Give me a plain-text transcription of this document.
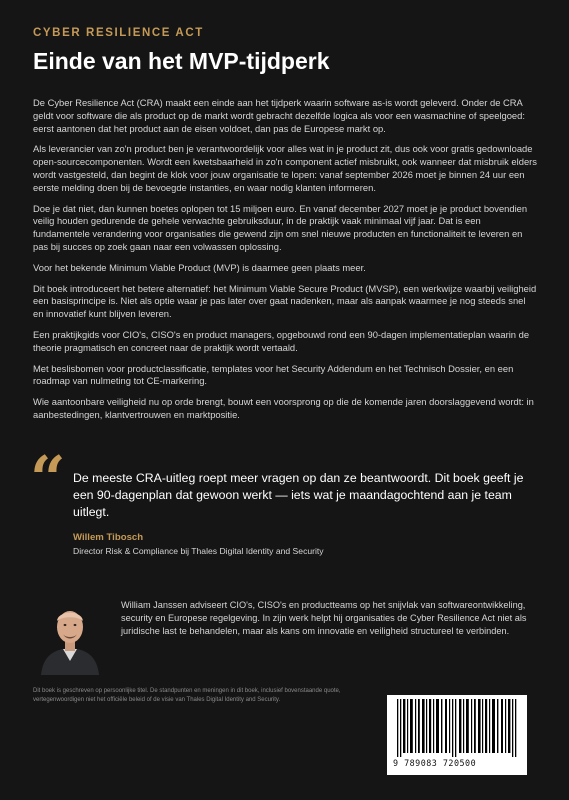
CYBER RESILIENCE ACT
Einde van het MVP-tijdperk

De Cyber Resilience Act (CRA) maakt een einde aan het tijdperk waarin software as-is wordt geleverd. Onder de CRA geldt voor software die als product op de markt wordt gebracht dezelfde logica als voor een wasmachine of speelgoed: eerst aantonen dat het product aan de eisen voldoet, dan pas de Europese markt op.

Als leverancier van zo'n product ben je verantwoordelijk voor alles wat in je product zit, dus ook voor gratis gedownloade open-sourcecomponenten. Wordt een kwetsbaarheid in zo'n component actief misbruikt, ook wanneer dat misbruik elders wordt vastgesteld, dan begint de klok voor jouw organisatie te lopen: vanaf september 2026 moet je binnen 24 uur een eerste melding doen bij de bevoegde instanties, en waar nodig klanten informeren.

Doe je dat niet, dan kunnen boetes oplopen tot 15 miljoen euro. En vanaf december 2027 moet je je product bovendien veilig houden gedurende de gehele verwachte gebruiksduur, in de praktijk vaak minimaal vijf jaar. Dat is een fundamentele verandering voor organisaties die gewend zijn om snel nieuwe producten en functionaliteit te leveren en pas bij succes op zoek gaan naar een volwassen oplossing.

Voor het bekende Minimum Viable Product (MVP) is daarmee geen plaats meer.

Dit boek introduceert het betere alternatief: het Minimum Viable Secure Product (MVSP), een werkwijze waarbij veiligheid een basisprincipe is. Niet als optie waar je pas later over gaat nadenken, maar als aanpak waarmee je nog steeds snel en innovatief kunt blijven leveren.

Een praktijkgids voor CIO's, CISO's en product managers, opgebouwd rond een 90-dagen implementatieplan waarin de theorie pragmatisch en concreet naar de praktijk wordt vertaald.

Met beslisbomen voor productclassificatie, templates voor het Security Addendum en het Technisch Dossier, en een roadmap van nulmeting tot CE-markering.

Wie aantoonbare veiligheid nu op orde brengt, bouwt een voorsprong op die de komende jaren doorslaggevend wordt: in aanbestedingen, klantvertrouwen en marktpositie.

“ De meeste CRA-uitleg roept meer vragen op dan ze beantwoordt. Dit boek geeft je een 90-dagenplan dat gewoon werkt — iets wat je maandagochtend aan je team uitlegt.

Willem Tibosch
Director Risk & Compliance bij Thales Digital Identity and Security

William Janssen adviseert CIO's, CISO's en productteams op het snijvlak van softwareontwikkeling, security en Europese regelgeving. In zijn werk helpt hij organisaties de Cyber Resilience Act niet als juridische last te behandelen, maar als kans om innovatie en veiligheid structureel te verbinden.

Dit boek is geschreven op persoonlijke titel. De standpunten en meningen in dit boek, inclusief bovenstaande quote, vertegenwoordigen niet het officiële beleid of de visie van Thales Digital Identity and Security.

9 789083 720500
